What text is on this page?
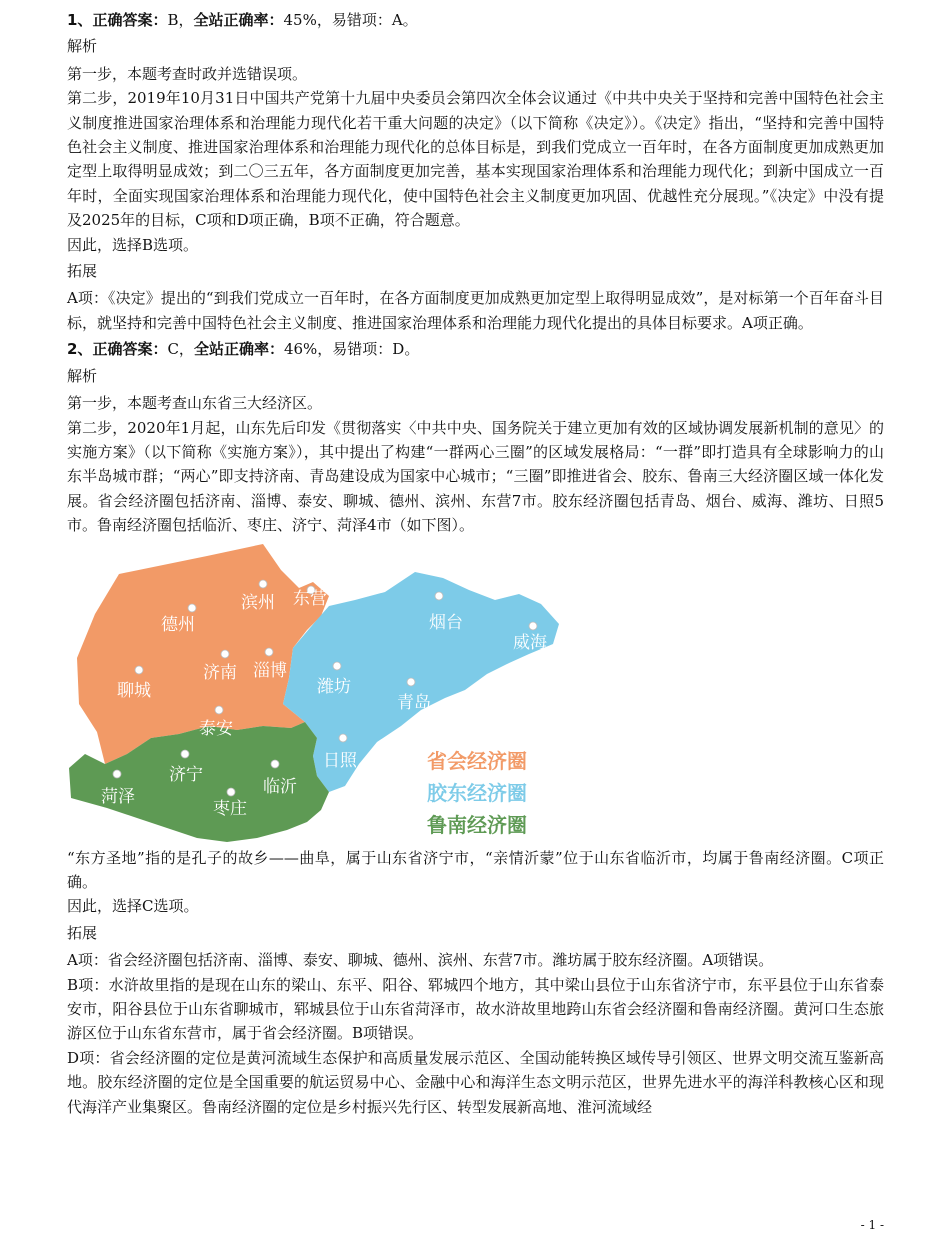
1、正确答案：B，全站正确率：45%，易错项：A。

解析

第一步，本题考查时政并选错误项。

第二步，2019年10月31日中国共产党第十九届中央委员会第四次全体会议通过《中共中央关于坚持和完善中国特色社会主义制度推进国家治理体系和治理能力现代化若干重大问题的决定》（以下简称《决定》）。《决定》指出，“坚持和完善中国特色社会主义制度、推进国家治理体系和治理能力现代化的总体目标是，到我们党成立一百年时，在各方面制度更加成熟更加定型上取得明显成效；到二〇三五年，各方面制度更加完善，基本实现国家治理体系和治理能力现代化；到新中国成立一百年时，全面实现国家治理体系和治理能力现代化，使中国特色社会主义制度更加巩固、优越性充分展现。”《决定》中没有提及2025年的目标，C项和D项正确，B项不正确，符合题意。

因此，选择B选项。

拓展

A项：《决定》提出的“到我们党成立一百年时，在各方面制度更加成熟更加定型上取得明显成效”，是对标第一个百年奋斗目标，就坚持和完善中国特色社会主义制度、推进国家治理体系和治理能力现代化提出的具体目标要求。A项正确。

2、正确答案：C，全站正确率：46%，易错项：D。

解析

第一步，本题考查山东省三大经济区。

第二步，2020年1月起，山东先后印发《贯彻落实〈中共中央、国务院关于建立更加有效的区域协调发展新机制的意见〉的实施方案》（以下简称《实施方案》），其中提出了构建“一群两心三圈”的区域发展格局：“一群”即打造具有全球影响力的山东半岛城市群；“两心”即支持济南、青岛建设成为国家中心城市；“三圈”即推进省会、胶东、鲁南三大经济圈区域一体化发展。省会经济圈包括济南、淄博、泰安、聊城、德州、滨州、东营7市。胶东经济圈包括青岛、烟台、威海、潍坊、日照5市。鲁南经济圈包括临沂、枣庄、济宁、菏泽4市（如下图）。

德州
滨州 东营
济南 淄博
聊城
泰安
烟台
威海
潍坊
青岛
日照
济宁
菏泽	临沂
枣庄
省会经济圈
胶东经济圈
鲁南经济圈

“东方圣地”指的是孔子的故乡——曲阜，属于山东省济宁市，“亲情沂蒙”位于山东省临沂市，均属于鲁南经济圈。C项正确。

因此，选择C选项。

拓展

A项：省会经济圈包括济南、淄博、泰安、聊城、德州、滨州、东营7市。潍坊属于胶东经济圈。A项错误。

B项：水浒故里指的是现在山东的梁山、东平、阳谷、郓城四个地方，其中梁山县位于山东省济宁市，东平县位于山东省泰安市，阳谷县位于山东省聊城市，郓城县位于山东省菏泽市，故水浒故里地跨山东省会经济圈和鲁南经济圈。黄河口生态旅游区位于山东省东营市，属于省会经济圈。B项错误。

D项：省会经济圈的定位是黄河流域生态保护和高质量发展示范区、全国动能转换区域传导引领区、世界文明交流互鉴新高地。胶东经济圈的定位是全国重要的航运贸易中心、金融中心和海洋生态文明示范区，世界先进水平的海洋科教核心区和现代海洋产业集聚区。鲁南经济圈的定位是乡村振兴先行区、转型发展新高地、淮河流域经

- 1 -
